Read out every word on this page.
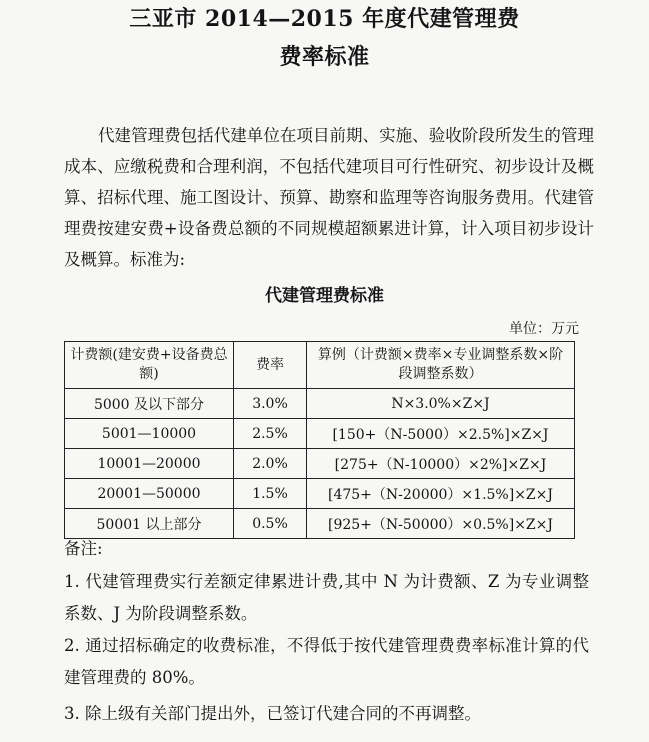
三亚市 2014—2015 年度代建管理费
费率标准
代建管理费包括代建单位在项目前期、实施、验收阶段所发生的管理成本、应缴税费和合理利润，不包括代建项目可行性研究、初步设计及概算、招标代理、施工图设计、预算、勘察和监理等咨询服务费用。代建管理费按建安费+设备费总额的不同规模超额累进计算，计入项目初步设计及概算。标准为:
代建管理费标准
单位：万元
计费额(建安费+设备费总额)	费率	算例（计费额×费率×专业调整系数×阶段调整系数）
5000 及以下部分	3.0%	N×3.0%×Z×J
5001—10000	2.5%	[150+（N-5000）×2.5%]×Z×J
10001—20000	2.0%	[275+（N-10000）×2%]×Z×J
20001—50000	1.5%	[475+（N-20000）×1.5%]×Z×J
50001 以上部分	0.5%	[925+（N-50000）×0.5%]×Z×J
备注:
1. 代建管理费实行差额定律累进计费,其中 N 为计费额、Z 为专业调整系数、J 为阶段调整系数。
2. 通过招标确定的收费标准，不得低于按代建管理费费率标准计算的代建管理费的 80%。
3. 除上级有关部门提出外，已签订代建合同的不再调整。
